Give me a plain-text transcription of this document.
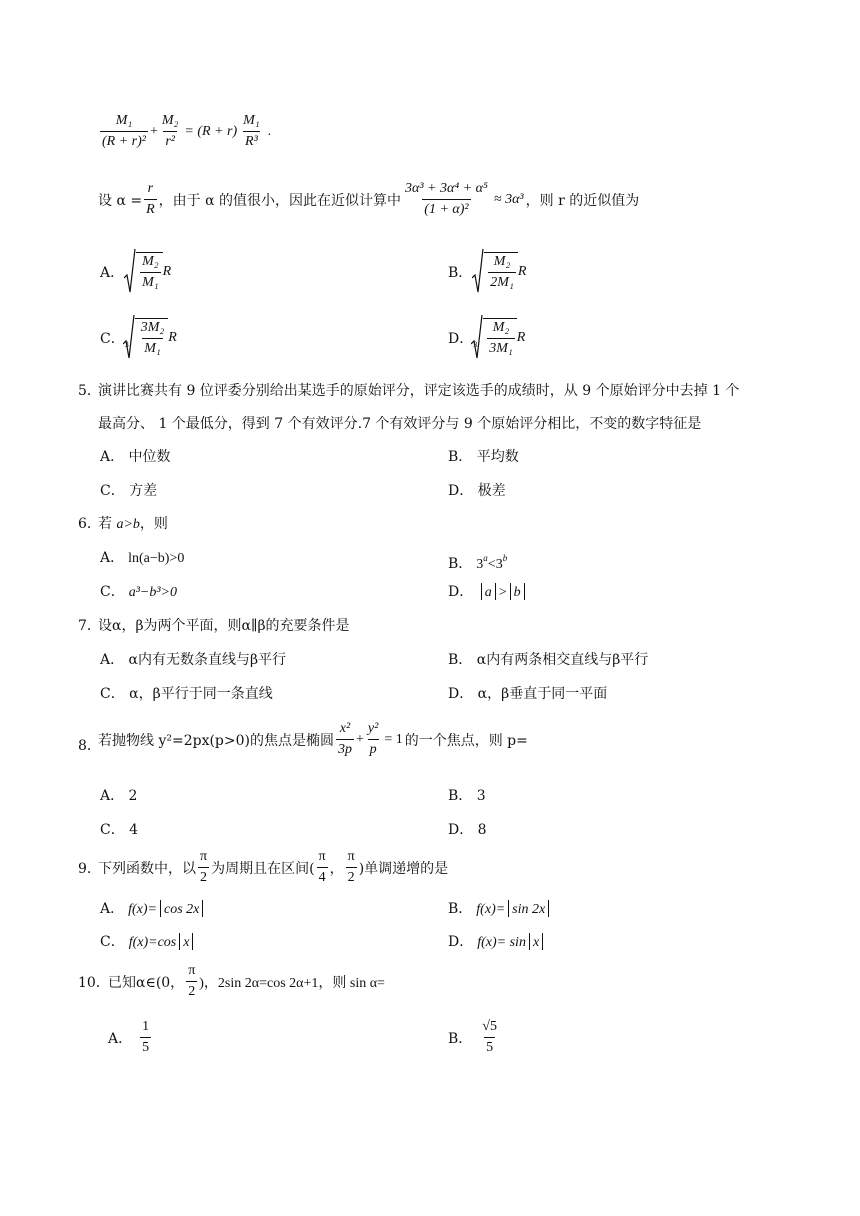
$\frac{\text{M₁}}{\text{(R + r)²}} + \frac{\text{M₂}}{\text{r²}} = (R + r) \frac{\text{M₁}}{\text{R³}}$ .
设 $\alpha = \frac{r}{R}$ ，由于 α 的值很小，因此在近似计算中 $\frac{\text{3α³ + 3α⁴ + α⁵}}{\text{(1 + α)²}} \approx 3\alpha^3$ ，则 r 的近似值为
A． $\frac{\text{M₂}}{\text{M₁}}$ R	B． $\frac{\text{M₂}}{\text{2M₁}}$ R
C． $3 \frac{\text{3M₂}}{\text{M₁}}$ R	D． $3 \frac{\text{M₂}}{\text{3M₁}}$ R
5．
演讲比赛共有 9 位评委分别给出某选手的原始评分，评定该选手的成绩时，从 9 个原始评分中去掉 1 个
最高分、 1 个最低分，得到 7 个有效评分.7 个有效评分与 9 个原始评分相比，不变的数字特征是
A． 中位数	B． 平均数
C． 方差	D． 极差
6．
若 a>b，则
A． ln(a−b)>0	B． $3^a<3^b$
C． a³−b³>0	D． a > b
7．
设α，β为两个平面，则α∥β的充要条件是
A． α内有无数条直线与β平行	B． α内有两条相交直线与β平行
C． α，β平行于同一条直线	D． α，β垂直于同一平面
8．
若抛物线 y²=2px(p>0)的焦点是椭圆 $\frac{\text{x²}}{3p} + \frac{\text{y²}}{p} = 1$ 的一个焦点，则 p=
A． 2	B． 3
C． 4	D． 8
9．
下列函数中，以 $\frac{\pi}{2}$ 为周期且在区间( $\frac{\pi}{4}$ ， $\frac{\pi}{2}$ )单调递增的是
A． f(x)= cos 2x	B． f(x)= sin 2x
C． f(x)=cos x	D． f(x)= sin x
10．
已知α∈(0， $\frac{\pi}{2}$ )，2sin 2α=cos 2α+1，则 sin α=
A． $\frac{1}{5}$	B． $\frac{√5}{5}$
